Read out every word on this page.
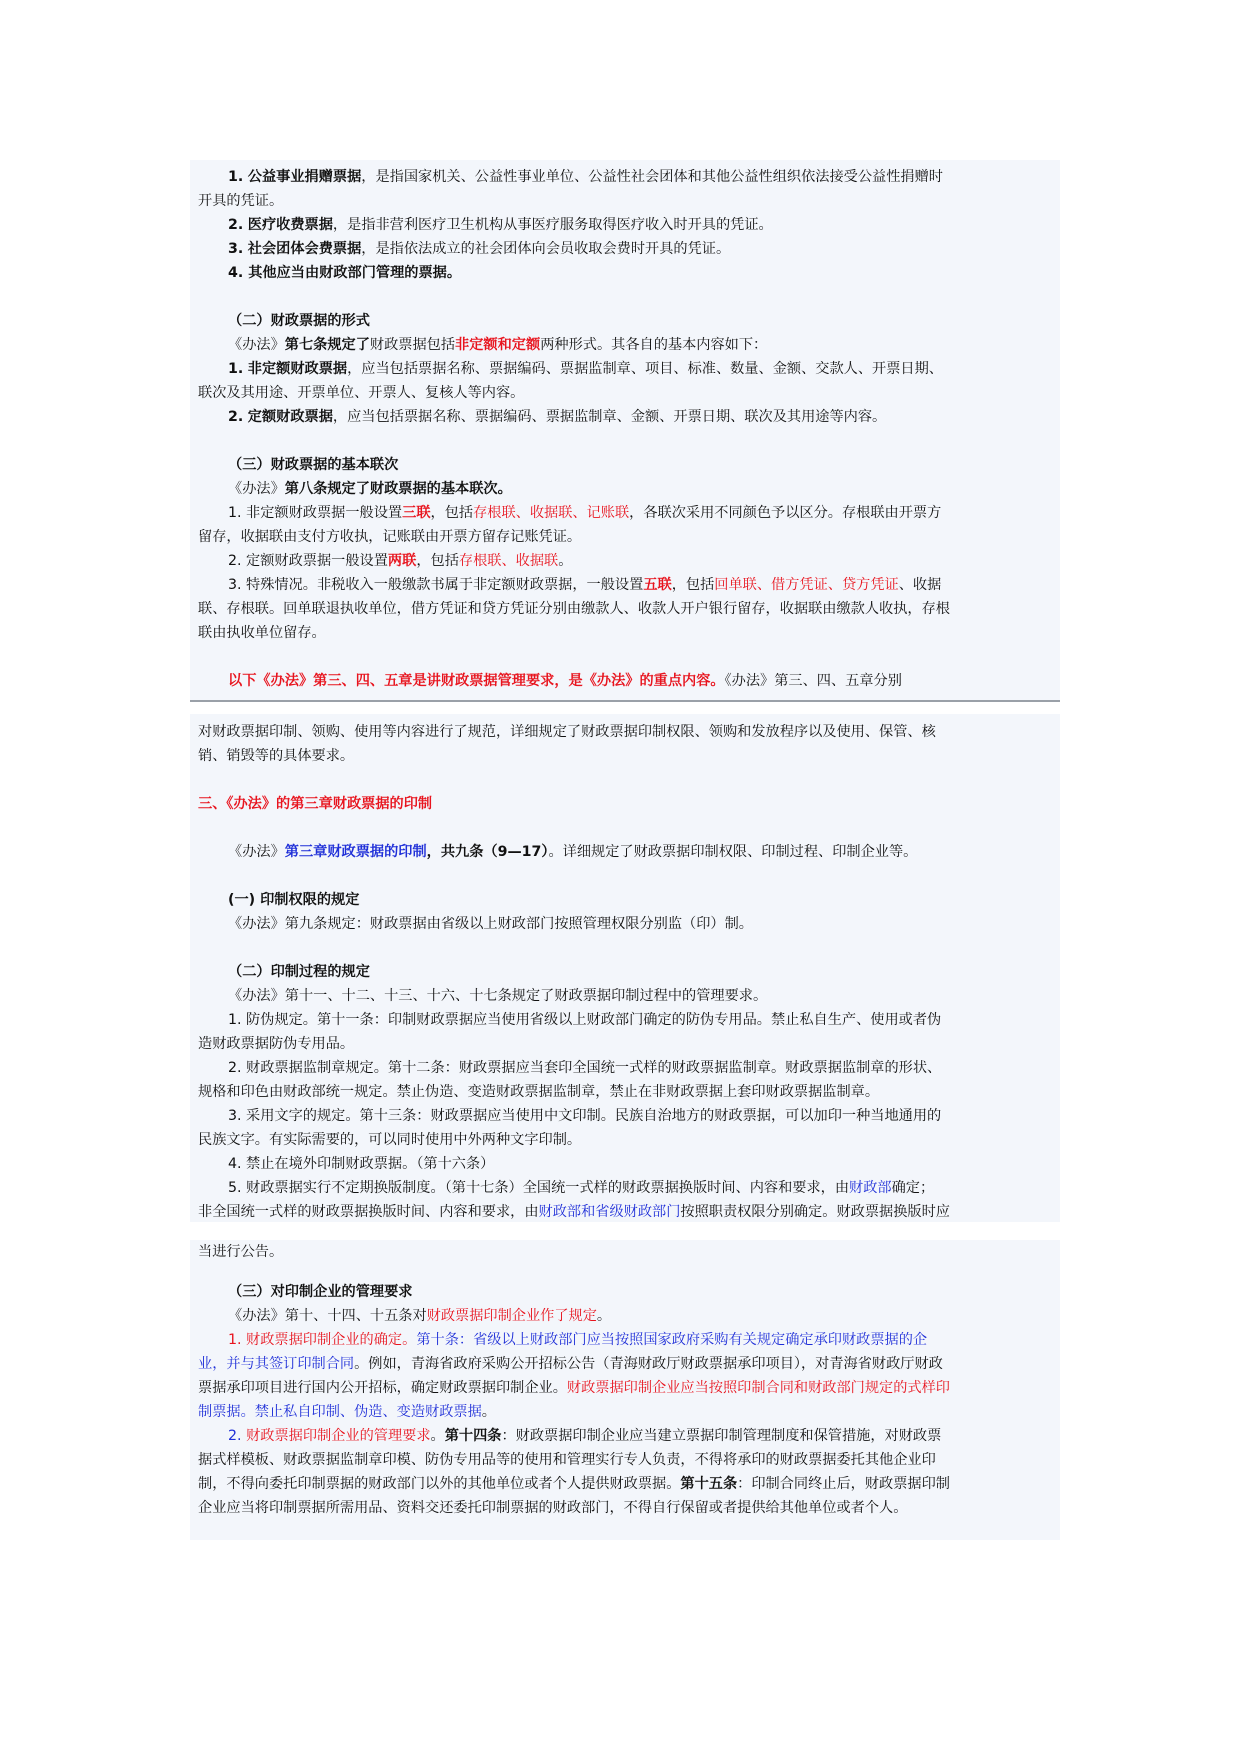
1. 公益事业捐赠票据，是指国家机关、公益性事业单位、公益性社会团体和其他公益性组织依法接受公益性捐赠时
开具的凭证。
2. 医疗收费票据，是指非营利医疗卫生机构从事医疗服务取得医疗收入时开具的凭证。
3. 社会团体会费票据，是指依法成立的社会团体向会员收取会费时开具的凭证。
4. 其他应当由财政部门管理的票据。
（二）财政票据的形式
《办法》第七条规定了财政票据包括非定额和定额两种形式。其各自的基本内容如下：
1. 非定额财政票据，应当包括票据名称、票据编码、票据监制章、项目、标准、数量、金额、交款人、开票日期、
联次及其用途、开票单位、开票人、复核人等内容。
2. 定额财政票据，应当包括票据名称、票据编码、票据监制章、金额、开票日期、联次及其用途等内容。
（三）财政票据的基本联次
《办法》第八条规定了财政票据的基本联次。
1. 非定额财政票据一般设置三联，包括存根联、收据联、记账联，各联次采用不同颜色予以区分。存根联由开票方
留存，收据联由支付方收执，记账联由开票方留存记账凭证。
2. 定额财政票据一般设置两联，包括存根联、收据联。
3. 特殊情况。非税收入一般缴款书属于非定额财政票据，一般设置五联，包括回单联、借方凭证、贷方凭证、收据
联、存根联。回单联退执收单位，借方凭证和贷方凭证分别由缴款人、收款人开户银行留存，收据联由缴款人收执，存根
联由执收单位留存。
以下《办法》第三、四、五章是讲财政票据管理要求，是《办法》的重点内容。《办法》第三、四、五章分别
对财政票据印制、领购、使用等内容进行了规范，详细规定了财政票据印制权限、领购和发放程序以及使用、保管、核
销、销毁等的具体要求。
三、《办法》的第三章财政票据的印制
《办法》第三章财政票据的印制，共九条（9—17）。详细规定了财政票据印制权限、印制过程、印制企业等。
(一) 印制权限的规定
《办法》第九条规定：财政票据由省级以上财政部门按照管理权限分别监（印）制。
（二）印制过程的规定
《办法》第十一、十二、十三、十六、十七条规定了财政票据印制过程中的管理要求。
1. 防伪规定。第十一条：印制财政票据应当使用省级以上财政部门确定的防伪专用品。禁止私自生产、使用或者伪
造财政票据防伪专用品。
2. 财政票据监制章规定。第十二条：财政票据应当套印全国统一式样的财政票据监制章。财政票据监制章的形状、
规格和印色由财政部统一规定。禁止伪造、变造财政票据监制章，禁止在非财政票据上套印财政票据监制章。
3. 采用文字的规定。第十三条：财政票据应当使用中文印制。民族自治地方的财政票据，可以加印一种当地通用的
民族文字。有实际需要的，可以同时使用中外两种文字印制。
4. 禁止在境外印制财政票据。（第十六条）
5. 财政票据实行不定期换版制度。（第十七条）全国统一式样的财政票据换版时间、内容和要求，由财政部确定；
非全国统一式样的财政票据换版时间、内容和要求，由财政部和省级财政部门按照职责权限分别确定。财政票据换版时应
当进行公告。
（三）对印制企业的管理要求
《办法》第十、十四、十五条对财政票据印制企业作了规定。
1. 财政票据印制企业的确定。第十条：省级以上财政部门应当按照国家政府采购有关规定确定承印财政票据的企
业，并与其签订印制合同。例如，青海省政府采购公开招标公告（青海财政厅财政票据承印项目），对青海省财政厅财政
票据承印项目进行国内公开招标，确定财政票据印制企业。财政票据印制企业应当按照印制合同和财政部门规定的式样印
制票据。禁止私自印制、伪造、变造财政票据。
2. 财政票据印制企业的管理要求。第十四条：财政票据印制企业应当建立票据印制管理制度和保管措施，对财政票
据式样模板、财政票据监制章印模、防伪专用品等的使用和管理实行专人负责，不得将承印的财政票据委托其他企业印
制，不得向委托印制票据的财政部门以外的其他单位或者个人提供财政票据。第十五条：印制合同终止后，财政票据印制
企业应当将印制票据所需用品、资料交还委托印制票据的财政部门，不得自行保留或者提供给其他单位或者个人。
